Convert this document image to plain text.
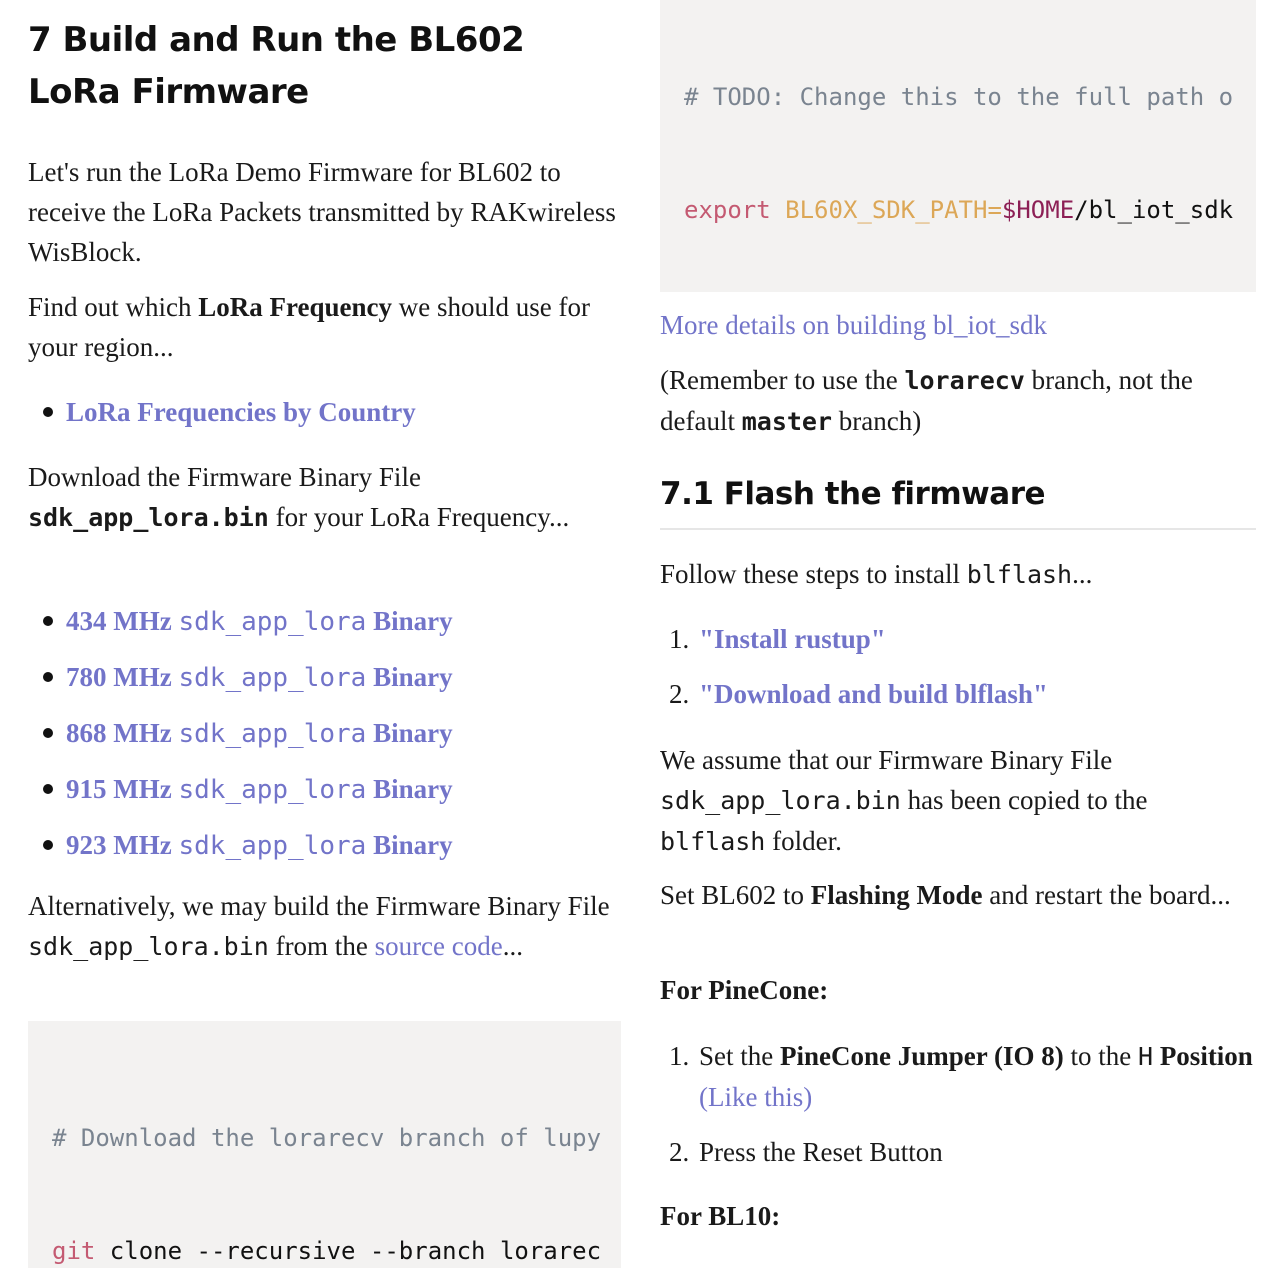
7 Build and Run the BL602 LoRa Firmware

Let's run the LoRa Demo Firmware for BL602 to receive the LoRa Packets transmitted by RAKwireless WisBlock.

Find out which LoRa Frequency we should use for your region...

LoRa Frequencies by Country

Download the Firmware Binary File sdk_app_lora.bin for your LoRa Frequency...

434 MHz sdk_app_lora Binary
780 MHz sdk_app_lora Binary
868 MHz sdk_app_lora Binary
915 MHz sdk_app_lora Binary
923 MHz sdk_app_lora Binary

Alternatively, we may build the Firmware Binary File sdk_app_lora.bin from the source code...

# Download the lorarecv branch of lupy

git clone --recursive --branch lorarec

# TODO: Change this to the full path o

export BL60X_SDK_PATH=$HOME/bl_iot_sdk

More details on building bl_iot_sdk

(Remember to use the lorarecv branch, not the default master branch)

7.1 Flash the firmware

Follow these steps to install blflash...

1. "Install rustup"
2. "Download and build blflash"

We assume that our Firmware Binary File sdk_app_lora.bin has been copied to the blflash folder.

Set BL602 to Flashing Mode and restart the board...

For PineCone:

1. Set the PineCone Jumper (IO 8) to the H Position (Like this)
2. Press the Reset Button

For BL10:
